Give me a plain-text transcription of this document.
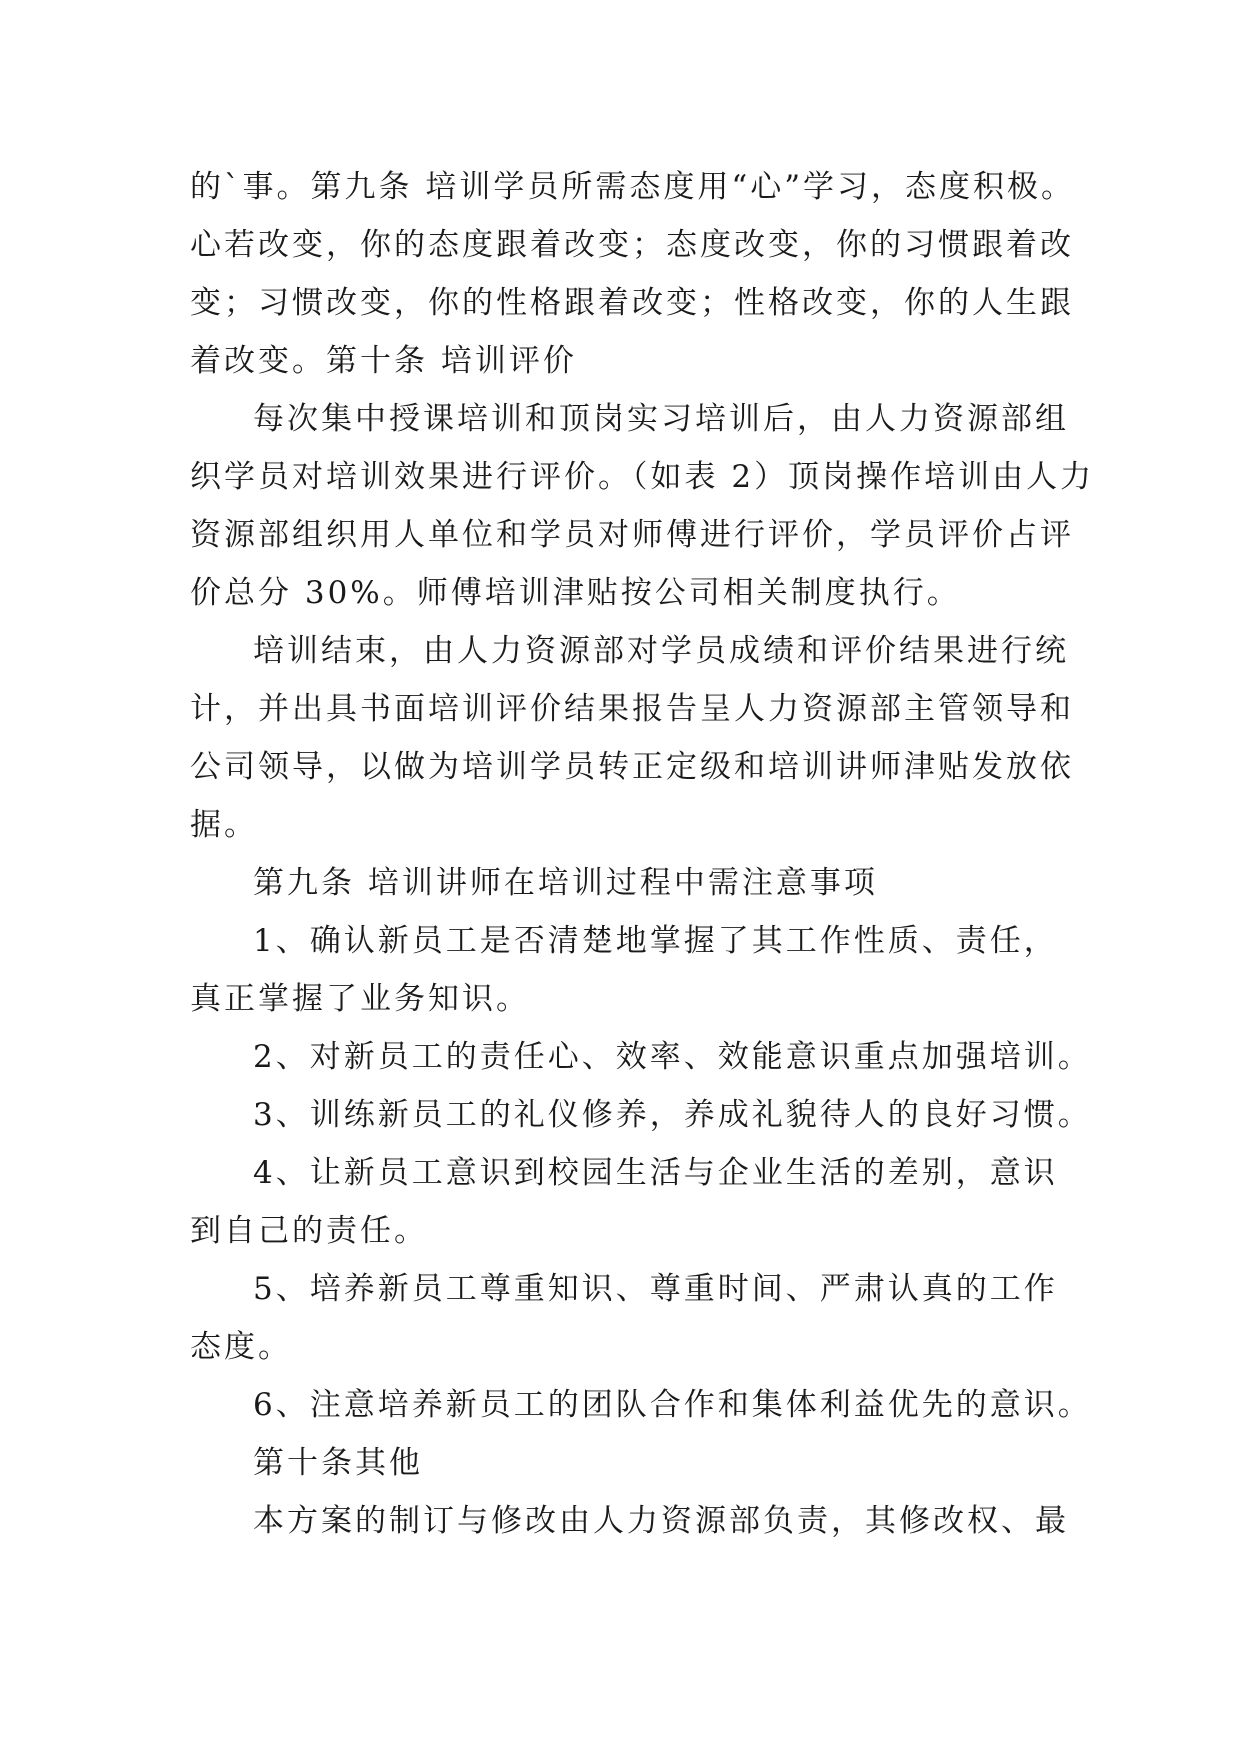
的`事。第九条 培训学员所需态度用“心”学习，态度积极。
心若改变，你的态度跟着改变；态度改变，你的习惯跟着改
变；习惯改变，你的性格跟着改变；性格改变，你的人生跟
着改变。第十条 培训评价
每次集中授课培训和顶岗实习培训后，由人力资源部组
织学员对培训效果进行评价。（如表 2）顶岗操作培训由人力
资源部组织用人单位和学员对师傅进行评价，学员评价占评
价总分 30%。师傅培训津贴按公司相关制度执行。
培训结束，由人力资源部对学员成绩和评价结果进行统
计，并出具书面培训评价结果报告呈人力资源部主管领导和
公司领导，以做为培训学员转正定级和培训讲师津贴发放依
据。
第九条 培训讲师在培训过程中需注意事项
1、确认新员工是否清楚地掌握了其工作性质、责任，
真正掌握了业务知识。
2、对新员工的责任心、效率、效能意识重点加强培训。
3、训练新员工的礼仪修养，养成礼貌待人的良好习惯。
4、让新员工意识到校园生活与企业生活的差别，意识
到自己的责任。
5、培养新员工尊重知识、尊重时间、严肃认真的工作
态度。
6、注意培养新员工的团队合作和集体利益优先的意识。
第十条其他
本方案的制订与修改由人力资源部负责，其修改权、最
